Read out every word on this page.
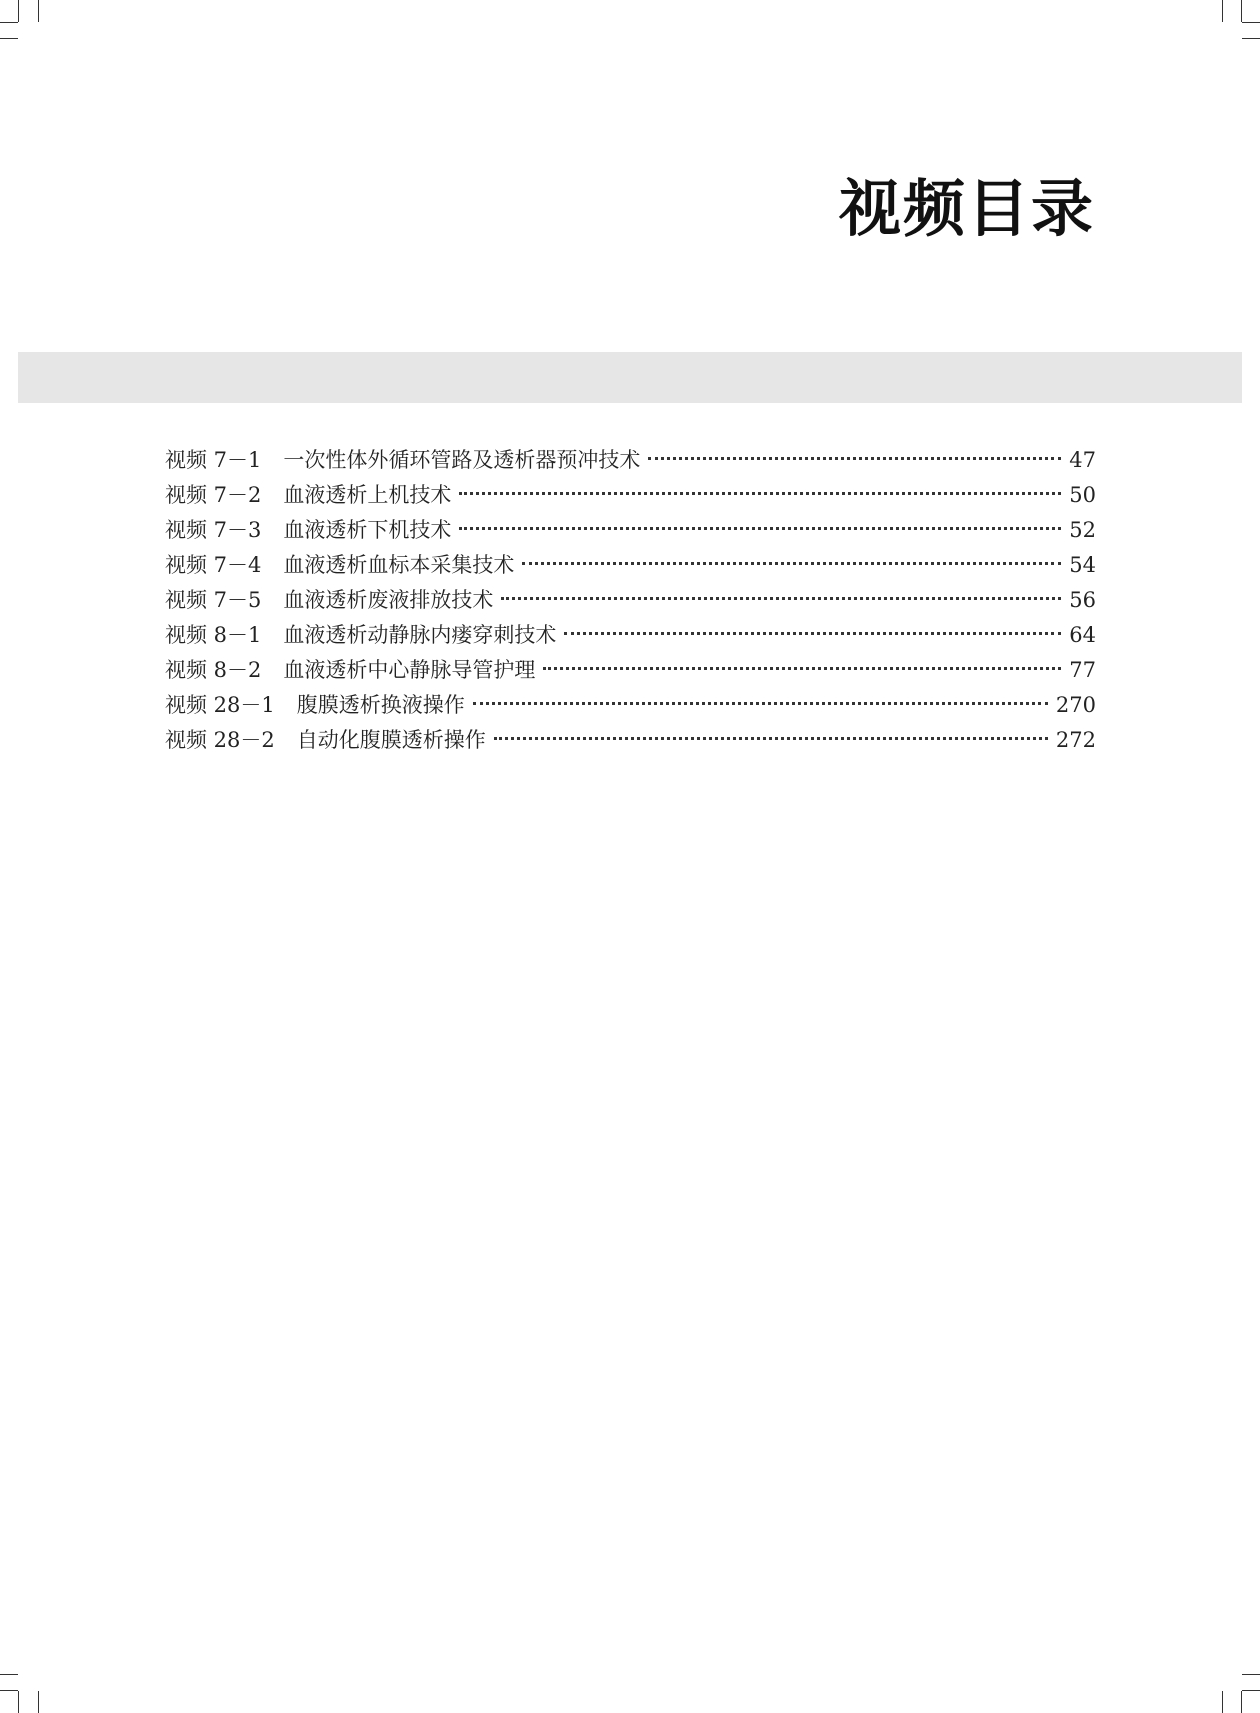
视频目录
视频 7－1 一次性体外循环管路及透析器预冲技术	47
视频 7－2 血液透析上机技术	50
视频 7－3 血液透析下机技术	52
视频 7－4 血液透析血标本采集技术	54
视频 7－5 血液透析废液排放技术	56
视频 8－1 血液透析动静脉内瘘穿刺技术	64
视频 8－2 血液透析中心静脉导管护理	77
视频 28－1 腹膜透析换液操作	270
视频 28－2 自动化腹膜透析操作	272
